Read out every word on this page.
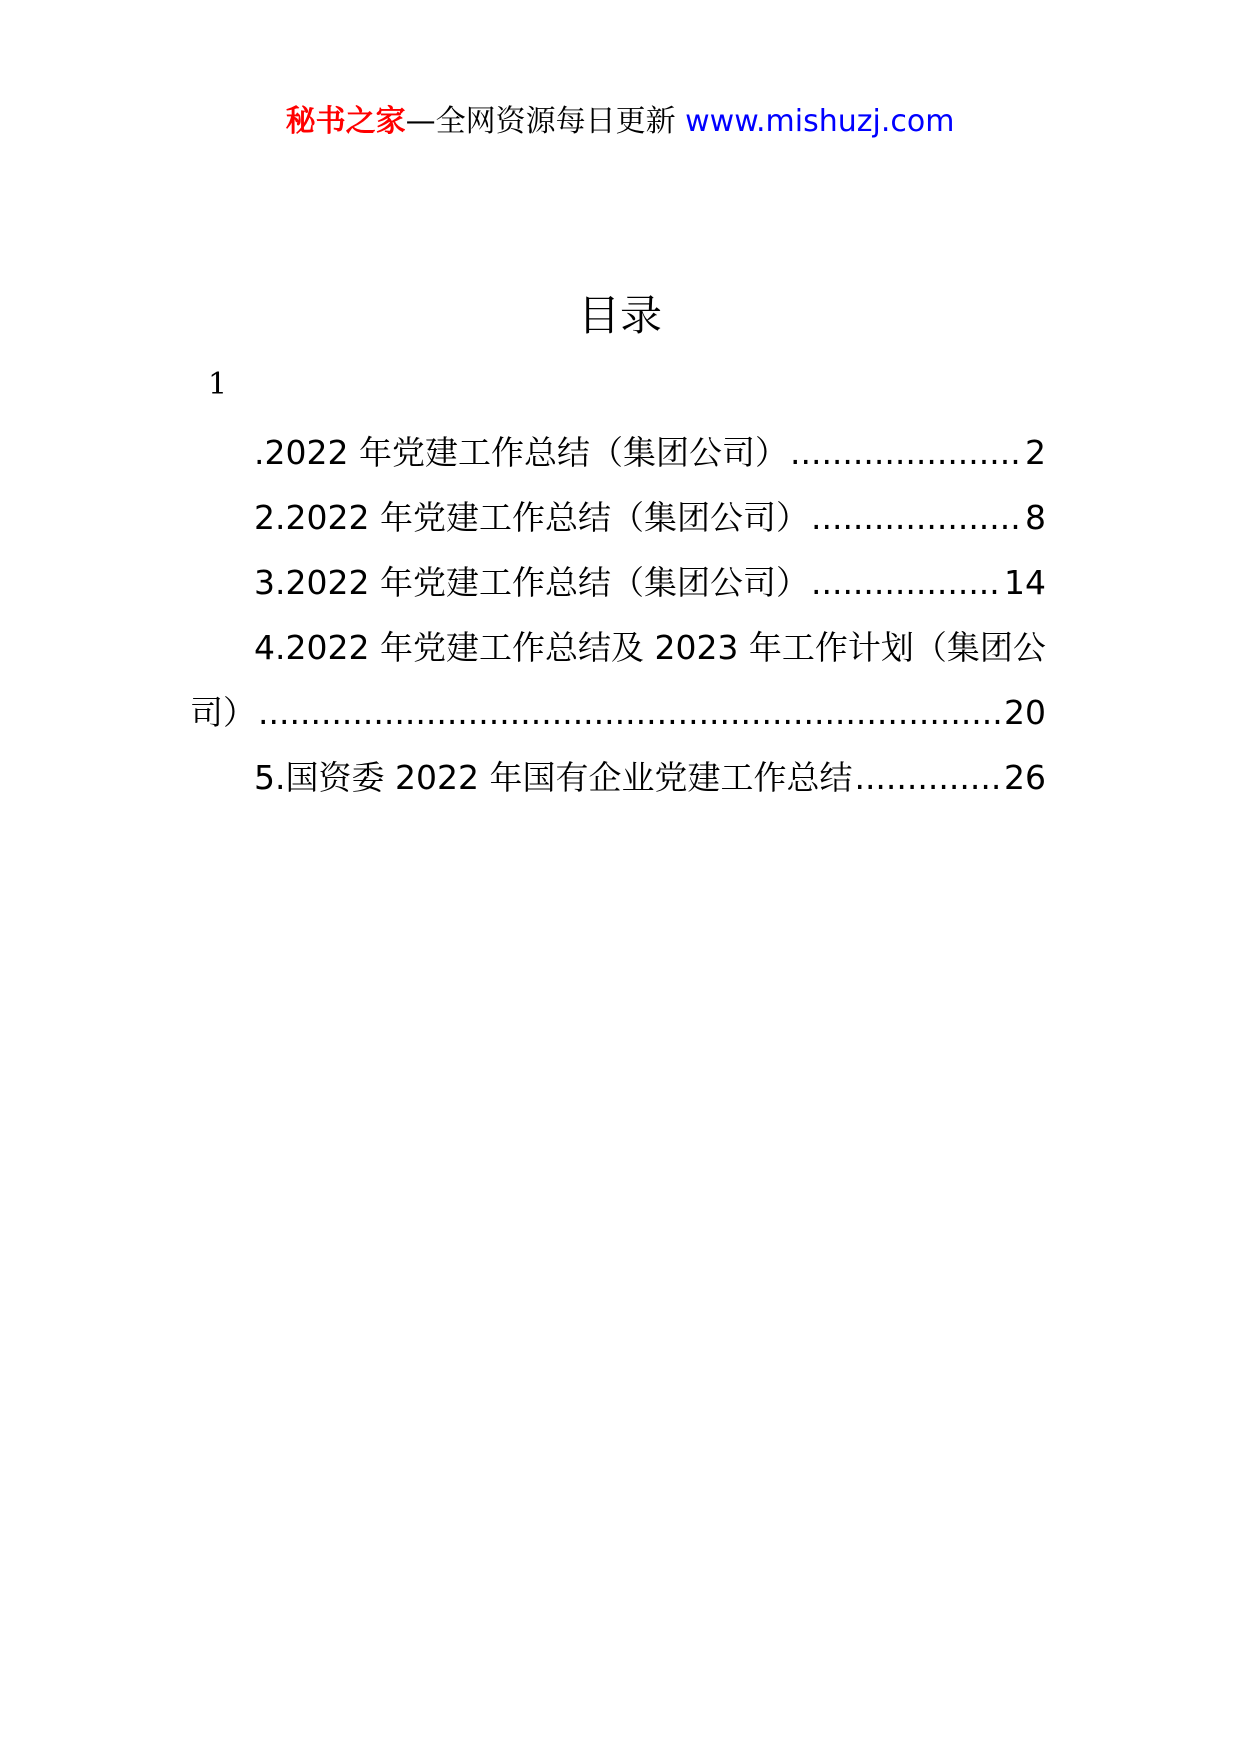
秘书之家—全网资源每日更新 www.mishuzj.com
目录
1
.2022 年党建工作总结（集团公司） .....	2
2.2022 年党建工作总结（集团公司） .....	8
3.2022 年党建工作总结（集团公司） .....	14
4.2022 年党建工作总结及 2023 年工作计划（集团公
司） .....	20
5.国资委 2022 年国有企业党建工作总结 .....	26
